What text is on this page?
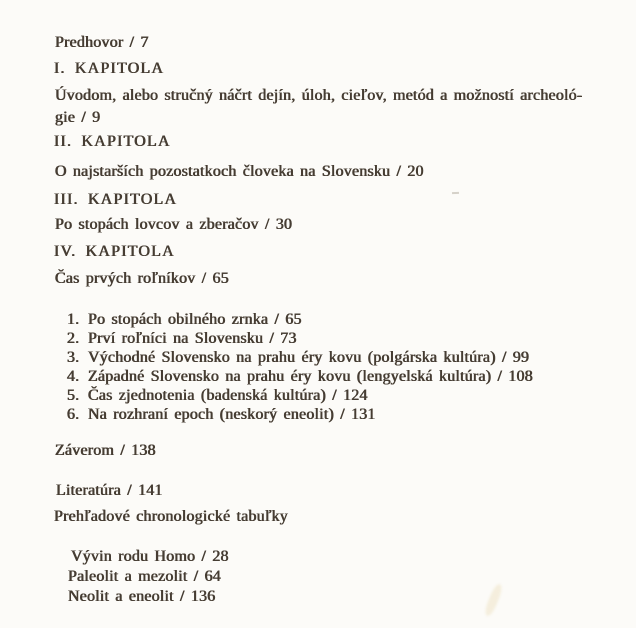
Predhovor / 7
I. KAPITOLA
Úvodom, alebo stručný náčrt dejín, úloh, cieľov, metód a možností archeoló-
gie / 9
II. KAPITOLA
O najstarších pozostatkoch človeka na Slovensku / 20
III. KAPITOLA
Po stopách lovcov a zberačov / 30
IV. KAPITOLA
Čas prvých roľníkov / 65
1. Po stopách obilného zrnka / 65
2. Prví roľníci na Slovensku / 73
3. Východné Slovensko na prahu éry kovu (polgárska kultúra) / 99
4. Západné Slovensko na prahu éry kovu (lengyelská kultúra) / 108
5. Čas zjednotenia (badenská kultúra) / 124
6. Na rozhraní epoch (neskorý eneolit) / 131
Záverom / 138
Literatúra / 141
Prehľadové chronologické tabuľky
Vývin rodu Homo / 28
Paleolit a mezolit / 64
Neolit a eneolit / 136
